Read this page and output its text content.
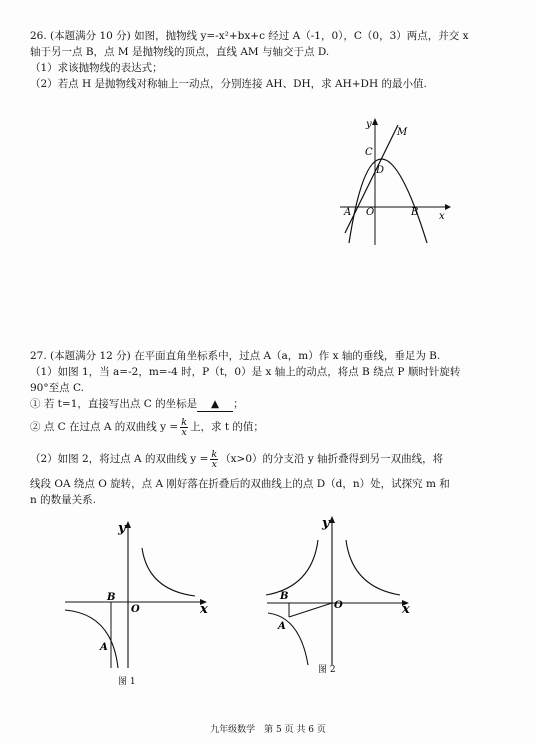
26. (本题满分 10 分) 如图，抛物线 y=-x²+bx+c 经过 A（-1，0），C（0，3）两点，并交 x
轴于另一点 B，点 M 是抛物线的顶点，直线 AM 与轴交于点 D.
（1）求该抛物线的表达式；
（2）若点 H 是抛物线对称轴上一动点，分别连接 AH、DH，求 AH+DH 的最小值.
y
M
C
D
A O	B x
27. (本题满分 12 分) 在平面直角坐标系中，过点 A（a，m）作 x 轴的垂线，垂足为 B.
（1）如图 1，当 a=-2，m=-4 时，P（t，0）是 x 轴上的动点，将点 B 绕点 P 顺时针旋转
90°至点 C.
① 若 t=1，直接写出点 C 的坐标是 ▲ ；
② 点 C 在过点 A 的双曲线 $y = \frac{k}{x}$ 上，求 t 的值；
（2）如图 2，将过点 A 的双曲线 $y = \frac{k}{x} (x>0)$的分支沿 y 轴折叠得到另一双曲线，将
线段 OA 绕点 O 旋转，点 A 刚好落在折叠后的双曲线上的点 D（d，n）处，试探究 m 和
n 的数量关系.
y
B
O	x
A
图 1
y
B
O	x
A
图 2
九年级数学　第 5 页 共 6 页
